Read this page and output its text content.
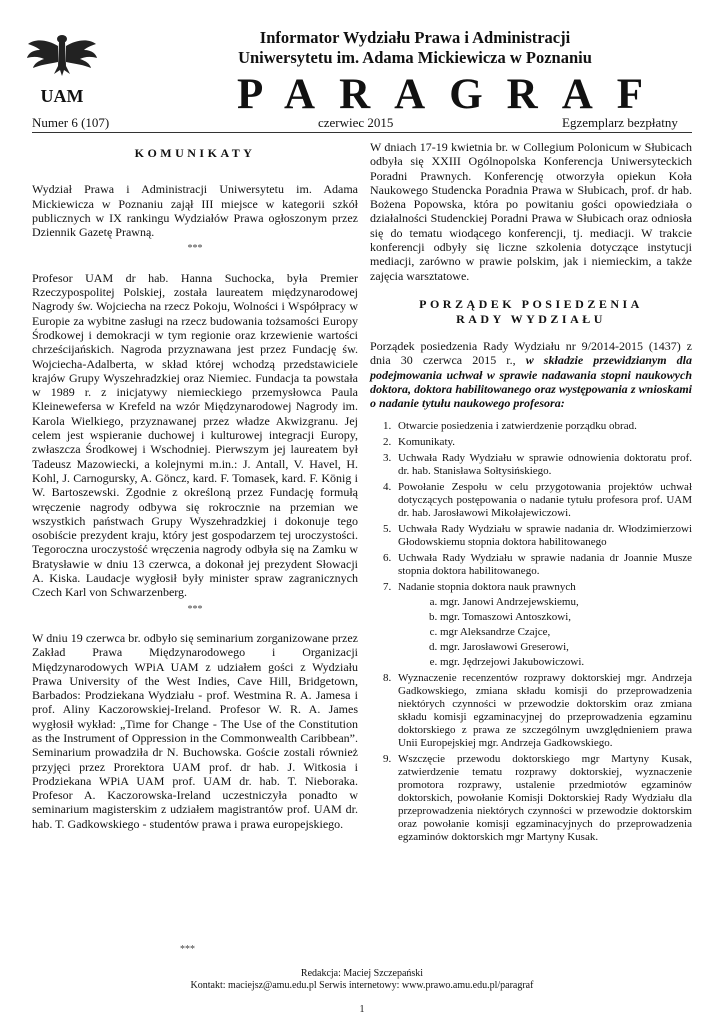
UAM
Informator Wydziału Prawa i Administracji
Uniwersytetu im. Adama Mickiewicza w Poznaniu
PARAGRAF
Numer 6 (107)	czerwiec 2015	Egzemplarz bezpłatny
KOMUNIKATY

Wydział Prawa i Administracji Uniwersytetu im. Adama Mickiewicza w Poznaniu zajął III miejsce w kategorii szkół publicznych w IX rankingu Wydziałów Prawa ogłoszonym przez Dziennik Gazetę Prawną.

***

Profesor UAM dr hab. Hanna Suchocka, była Premier Rzeczypospolitej Polskiej, została laureatem międzynarodowej Nagrody św. Wojciecha na rzecz Pokoju, Wolności i Współpracy w Europie za wybitne zasługi na rzecz budowania tożsamości Europy Środkowej i demokracji w tym regionie oraz krzewienie wartości chrześcijańskich. Nagroda przyznawana jest przez Fundację św. Wojciecha-Adalberta, w skład której wchodzą przedstawiciele krajów Grupy Wyszehradzkiej oraz Niemiec. Fundacja ta powstała w 1989 r. z inicjatywy niemieckiego przemysłowca Paula Kleinewefersa w Krefeld na wzór Międzynarodowej Nagrody im. Karola Wielkiego, przyznawanej przez władze Akwizgranu. Jej celem jest wspieranie duchowej i kulturowej integracji Europy, zwłaszcza Środkowej i Wschodniej. Pierwszym jej laureatem był Tadeusz Mazowiecki, a kolejnymi m.in.: J. Antall, V. Havel, H. Kohl, J. Carnogursky, A. Göncz, kard. F. Tomasek, kard. F. König i W. Bartoszewski. Zgodnie z określoną przez Fundację formułą wręczenie nagrody odbywa się rokrocznie na przemian we wszystkich państwach Grupy Wyszehradzkiej i dokonuje tego osobiście prezydent kraju, który jest gospodarzem tej uroczystości. Tegoroczna uroczystość wręczenia nagrody odbyła się na Zamku w Bratysławie w dniu 13 czerwca, a dokonał jej prezydent Słowacji A. Kiska. Laudacje wygłosił były minister spraw zagranicznych Czech Karl von Schwarzenberg.

***

W dniu 19 czerwca br. odbyło się seminarium zorganizowane przez Zakład Prawa Międzynarodowego i Organizacji Międzynarodowych WPiA UAM z udziałem gości z Wydziału Prawa University of the West Indies, Cave Hill, Bridgetown, Barbados: Prodziekana Wydziału - prof. Westmina R. A. Jamesa i prof. Aliny Kaczorowskiej-Ireland. Profesor W. R. A. James wygłosił wykład: „Time for Change - The Use of the Constitution as the Instrument of Oppression in the Commonwealth Caribbean”. Seminarium prowadziła dr N. Buchowska. Goście zostali również przyjęci przez Prorektora UAM prof. dr hab. J. Witkosia i Prodziekana WPiA UAM prof. UAM dr. hab. T. Nieboraka. Profesor A. Kaczorowska-Ireland uczestniczyła ponadto w seminarium magisterskim z udziałem magistrantów prof. UAM dr. hab. T. Gadkowskiego - studentów prawa i prawa europejskiego.

W dniach 17-19 kwietnia br. w Collegium Polonicum w Słubicach odbyła się XXIII Ogólnopolska Konferencja Uniwersyteckich Poradni Prawnych. Konferencję otworzyła opiekun Koła Naukowego Studencka Poradnia Prawa w Słubicach, prof. dr hab. Bożena Popowska, która po powitaniu gości opowiedziała o działalności Studenckiej Poradni Prawa w Słubicach oraz odniosła się do tematu wiodącego konferencji, tj. mediacji. W trakcie konferencji odbyły się liczne szkolenia dotyczące instytucji mediacji, zarówno w prawie polskim, jak i niemieckim, a także zajęcia warsztatowe.

PORZĄDEK POSIEDZENIA
RADY WYDZIAŁU

Porządek posiedzenia Rady Wydziału nr 9/2014-2015 (1437) z dnia 30 czerwca 2015 r., w składzie przewidzianym dla podejmowania uchwał w sprawie nadawania stopni naukowych doktora, doktora habilitowanego oraz występowania z wnioskami o nadanie tytułu naukowego profesora:

1. Otwarcie posiedzenia i zatwierdzenie porządku obrad.
2. Komunikaty.
3. Uchwała Rady Wydziału w sprawie odnowienia doktoratu prof. dr. hab. Stanisława Sołtysińskiego.
4. Powołanie Zespołu w celu przygotowania projektów uchwał dotyczących postępowania o nadanie tytułu profesora prof. UAM dr. hab. Jarosławowi Mikołajewiczowi.
5. Uchwała Rady Wydziału w sprawie nadania dr. Włodzimierzowi Głodowskiemu stopnia doktora habilitowanego
6. Uchwała Rady Wydziału w sprawie nadania dr Joannie Musze stopnia doktora habilitowanego.
7. Nadanie stopnia doktora nauk prawnych
a. mgr. Janowi Andrzejewskiemu,
b. mgr. Tomaszowi Antoszkowi,
c. mgr Aleksandrze Czajce,
d. mgr. Jarosławowi Greserowi,
e. mgr. Jędrzejowi Jakubowiczowi.
8. Wyznaczenie recenzentów rozprawy doktorskiej mgr. Andrzeja Gadkowskiego, zmiana składu komisji do przeprowadzenia niektórych czynności w przewodzie doktorskim oraz zmiana składu komisji egzaminacyjnej do przeprowadzenia egzaminu doktorskiego z prawa ze szczególnym uwzględnieniem prawa Unii Europejskiej mgr. Andrzeja Gadkowskiego.
9. Wszczęcie przewodu doktorskiego mgr Martyny Kusak, zatwierdzenie tematu rozprawy doktorskiej, wyznaczenie promotora rozprawy, ustalenie przedmiotów egzaminów doktorskich, powołanie Komisji Doktorskiej Rady Wydziału dla przeprowadzenia niektórych czynności w przewodzie doktorskim oraz powołanie komisji egzaminacyjnych do przeprowadzenia egzaminów doktorskich mgr Martyny Kusak.
***
Redakcja: Maciej Szczepański
Kontakt: maciejsz@amu.edu.pl Serwis internetowy: www.prawo.amu.edu.pl/paragraf
1
